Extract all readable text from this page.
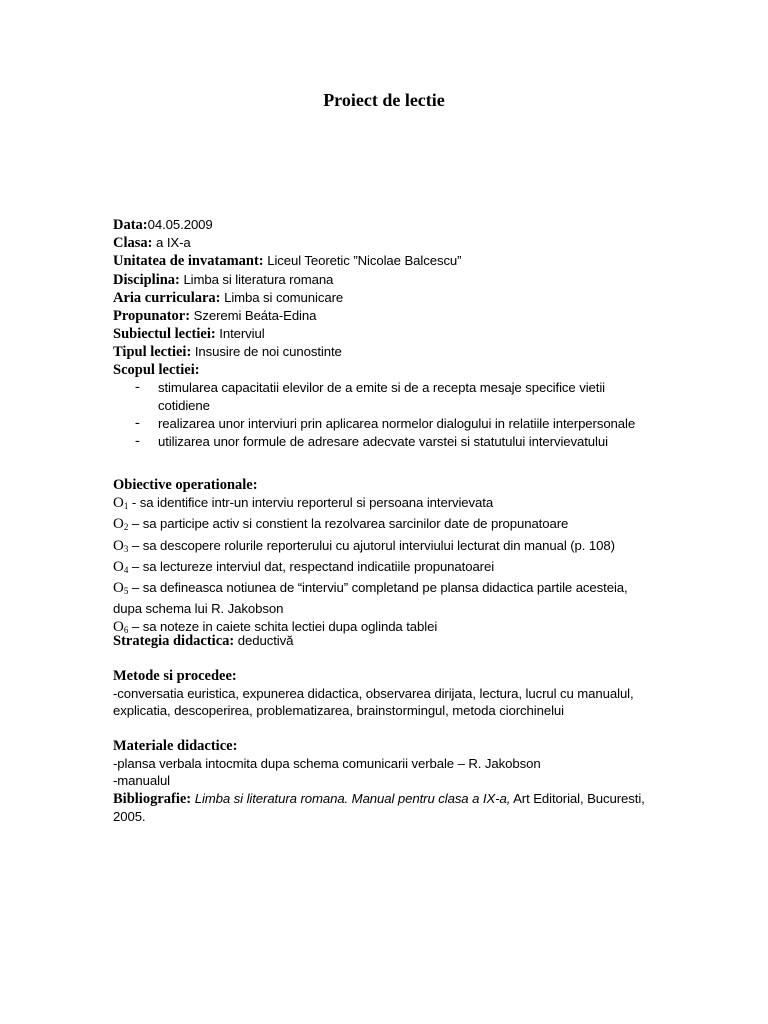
Proiect de lectie
Data:04.05.2009
Clasa: a IX-a
Unitatea de invatamant: Liceul Teoretic ”Nicolae Balcescu”
Disciplina: Limba si literatura romana
Aria curriculara: Limba si comunicare
Propunator: Szeremi Beáta-Edina
Subiectul lectiei: Interviul
Tipul lectiei: Insusire de noi cunostinte
Scopul lectiei:
- stimularea capacitatii elevilor de a emite si de a recepta mesaje specifice vietii cotidiene
- realizarea unor interviuri prin aplicarea normelor dialogului in relatiile interpersonale
- utilizarea unor formule de adresare adecvate varstei si statutului intervievatului
Obiective operationale:
$O_1$ - sa identifice intr-un interviu reporterul si persoana intervievata
$O_2$ – sa participe activ si constient la rezolvarea sarcinilor date de propunatoare
$O_3$ – sa descopere rolurile reporterului cu ajutorul interviului lecturat din manual (p. 108)
$O_4$ – sa lectureze interviul dat, respectand indicatiile propunatoarei
$O_5$ – sa defineasca notiunea de “interviu” completand pe plansa didactica partile acesteia, dupa schema lui R. Jakobson
$O_6$ – sa noteze in caiete schita lectiei dupa oglinda tablei
Strategia didactica: deductivă
Metode si procedee:
-conversatia euristica, expunerea didactica, observarea dirijata, lectura, lucrul cu manualul, explicatia, descoperirea, problematizarea, brainstormingul, metoda ciorchinelui
Materiale didactice:
-plansa verbala intocmita dupa schema comunicarii verbale – R. Jakobson
-manualul
Bibliografie: Limba si literatura romana. Manual pentru clasa a IX-a, Art Editorial, Bucuresti, 2005.
